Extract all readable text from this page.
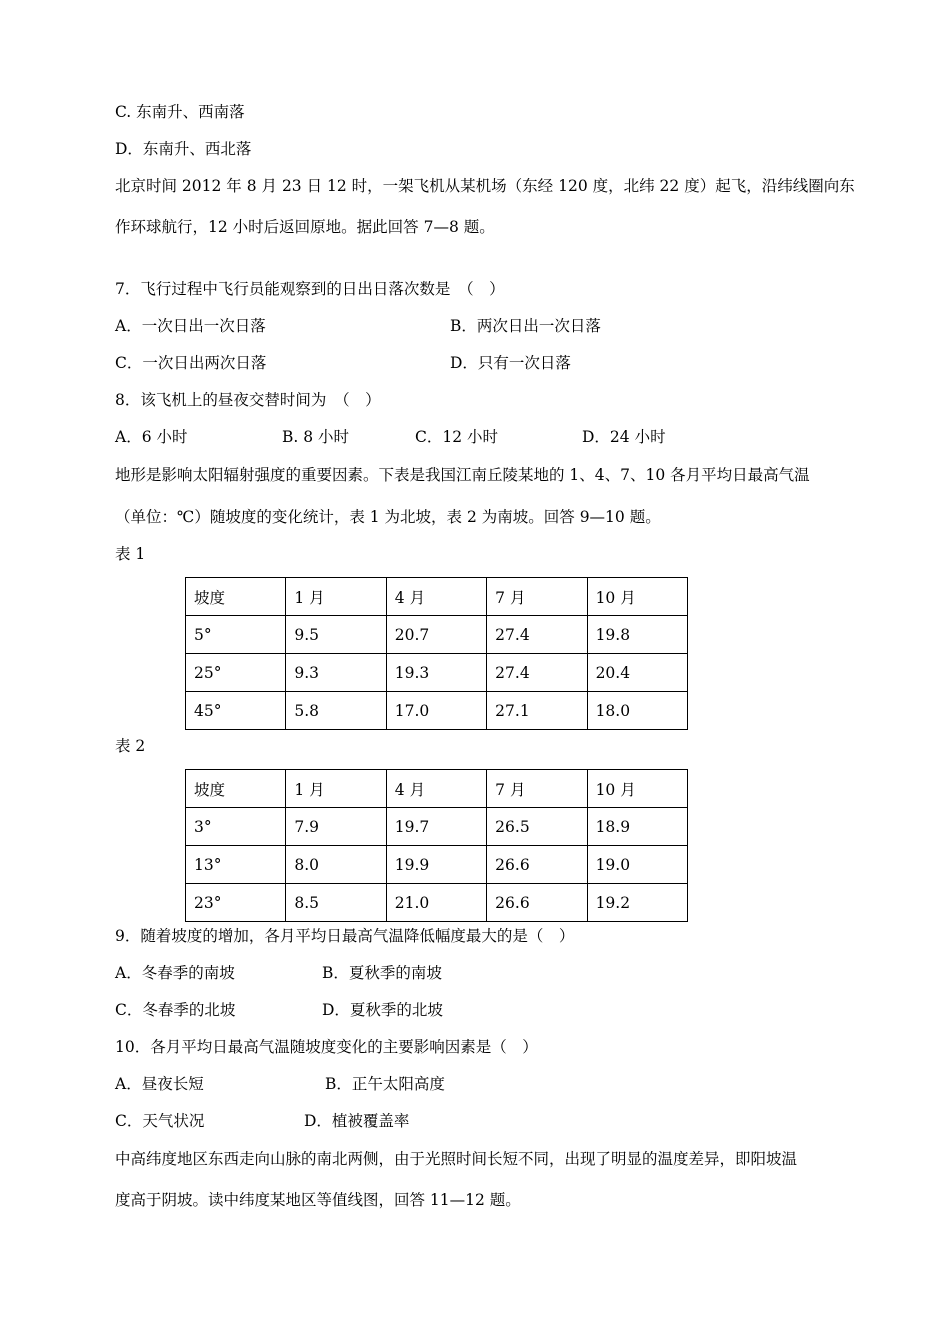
C. 东南升、西南落
D．东南升、西北落
北京时间 2012 年 8 月 23 日 12 时，一架飞机从某机场（东经 120 度，北纬 22 度）起飞，沿纬线圈向东
作环球航行，12 小时后返回原地。据此回答 7—8 题。
7．飞行过程中飞行员能观察到的日出日落次数是　（　）
A．一次日出一次日落	B．两次日出一次日落
C．一次日出两次日落	D．只有一次日落
8．该飞机上的昼夜交替时间为　（　）
A．6 小时	B. 8 小时	C．12 小时	D．24 小时
地形是影响太阳辐射强度的重要因素。下表是我国江南丘陵某地的 1、4、7、10 各月平均日最高气温
（单位：℃）随坡度的变化统计，表 1 为北坡，表 2 为南坡。回答 9—10 题。
表 1
坡度	1 月	4 月	7 月	10 月
5°	9.5	20.7	27.4	19.8
25°	9.3	19.3	27.4	20.4
45°	5.8	17.0	27.1	18.0
表 2
坡度	1 月	4 月	7 月	10 月
3°	7.9	19.7	26.5	18.9
13°	8.0	19.9	26.6	19.0
23°	8.5	21.0	26.6	19.2
9．随着坡度的增加，各月平均日最高气温降低幅度最大的是（　）
A．冬春季的南坡	B．夏秋季的南坡
C．冬春季的北坡	D．夏秋季的北坡
10．各月平均日最高气温随坡度变化的主要影响因素是（　）
A．昼夜长短	B．正午太阳高度
C．天气状况	D．植被覆盖率
中高纬度地区东西走向山脉的南北两侧，由于光照时间长短不同，出现了明显的温度差异，即阳坡温
度高于阴坡。读中纬度某地区等值线图，回答 11—12 题。
